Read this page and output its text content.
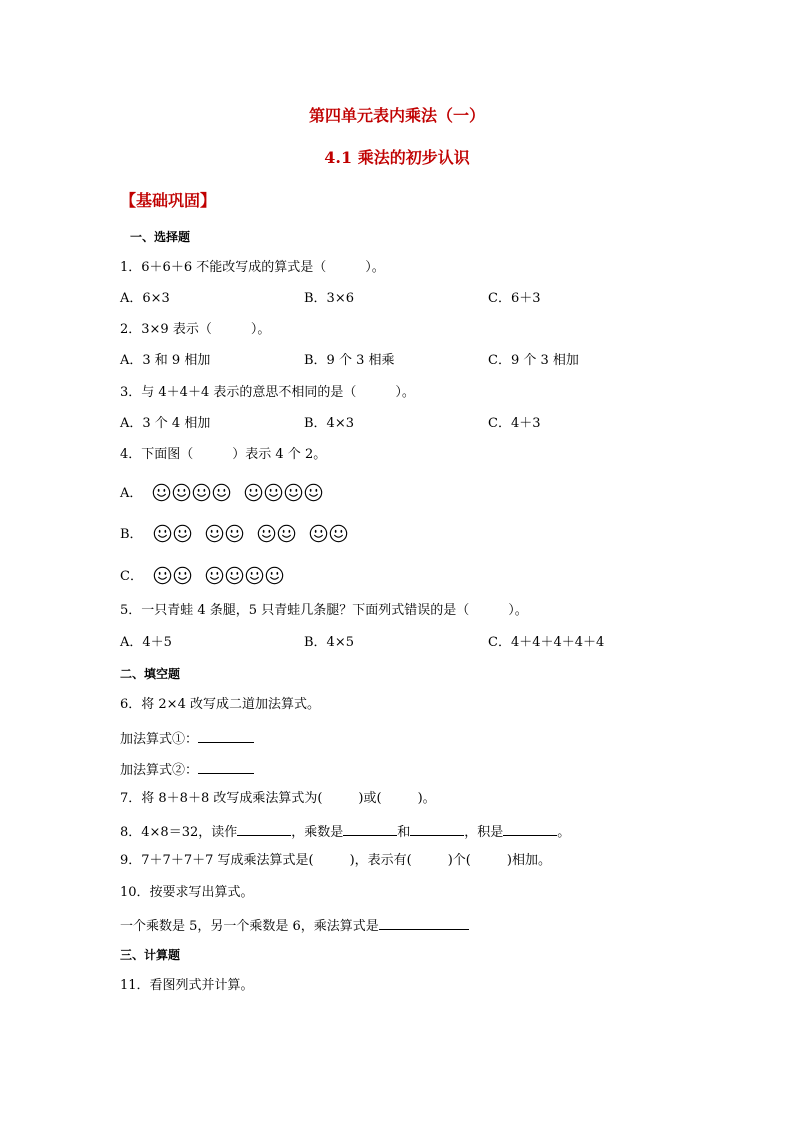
第四单元表内乘法（一）
4.1 乘法的初步认识
【基础巩固】
一、选择题
1．6＋6＋6 不能改写成的算式是（　　　）。
A．6×3	B．3×6	C．6＋3
2．3×9 表示（　　　）。
A．3 和 9 相加	B．9 个 3 相乘	C．9 个 3 相加
3．与 4＋4＋4 表示的意思不相同的是（　　　）。
A．3 个 4 相加	B．4×3	C．4＋3
4．下面图（　　　）表示 4 个 2。
A．
B．
C．
5．一只青蛙 4 条腿，5 只青蛙几条腿？下面列式错误的是（　　　）。
A．4＋5	B．4×5	C．4＋4＋4＋4＋4
二、填空题
6．将 2×4 改写成二道加法算式。
加法算式①：
加法算式②：
7．将 8＋8＋8 改写成乘法算式为(	)或(	)。
8．4×8＝32，读作	，乘数是	和	，积是	。
9．7＋7＋7＋7 写成乘法算式是(	)，表示有(	)个(	)相加。
10．按要求写出算式。
一个乘数是 5，另一个乘数是 6，乘法算式是
三、计算题
11．看图列式并计算。
